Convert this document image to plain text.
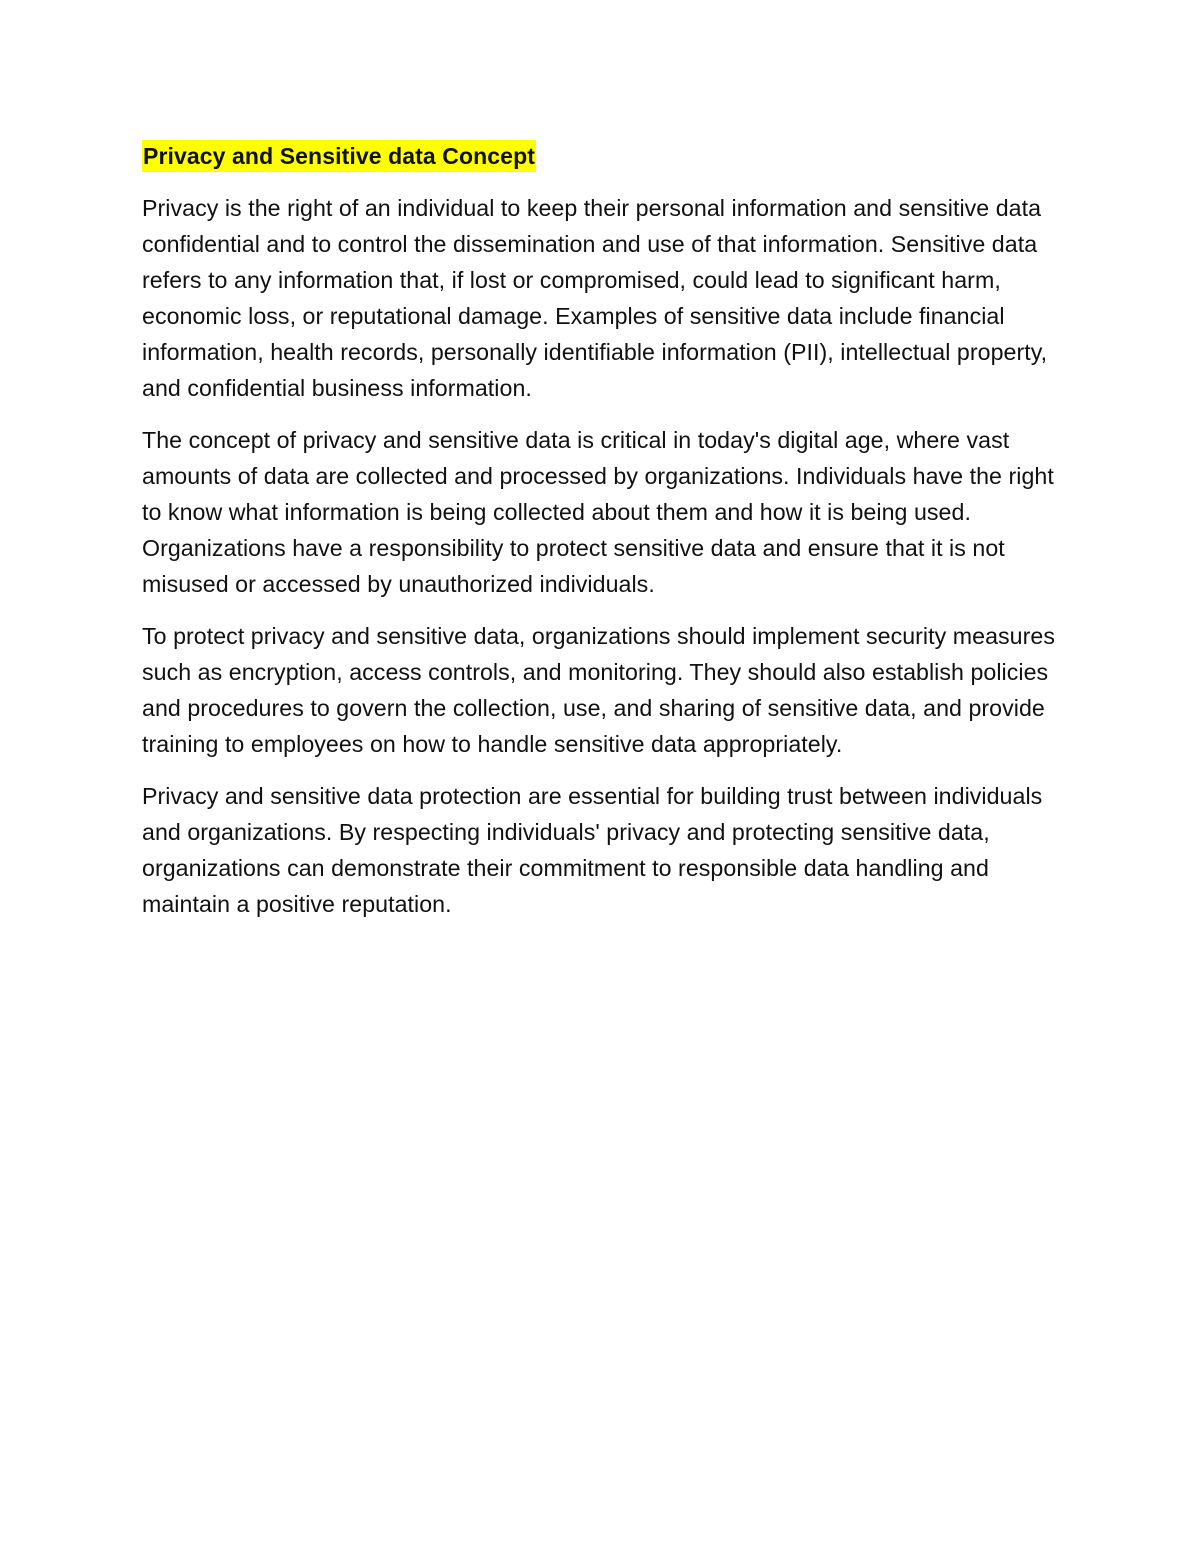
Privacy and Sensitive data Concept

Privacy is the right of an individual to keep their personal information and sensitive data confidential and to control the dissemination and use of that information. Sensitive data refers to any information that, if lost or compromised, could lead to significant harm, economic loss, or reputational damage. Examples of sensitive data include financial information, health records, personally identifiable information (PII), intellectual property, and confidential business information.

The concept of privacy and sensitive data is critical in today's digital age, where vast amounts of data are collected and processed by organizations. Individuals have the right to know what information is being collected about them and how it is being used. Organizations have a responsibility to protect sensitive data and ensure that it is not misused or accessed by unauthorized individuals.

To protect privacy and sensitive data, organizations should implement security measures such as encryption, access controls, and monitoring. They should also establish policies and procedures to govern the collection, use, and sharing of sensitive data, and provide training to employees on how to handle sensitive data appropriately.

Privacy and sensitive data protection are essential for building trust between individuals and organizations. By respecting individuals' privacy and protecting sensitive data, organizations can demonstrate their commitment to responsible data handling and maintain a positive reputation.
